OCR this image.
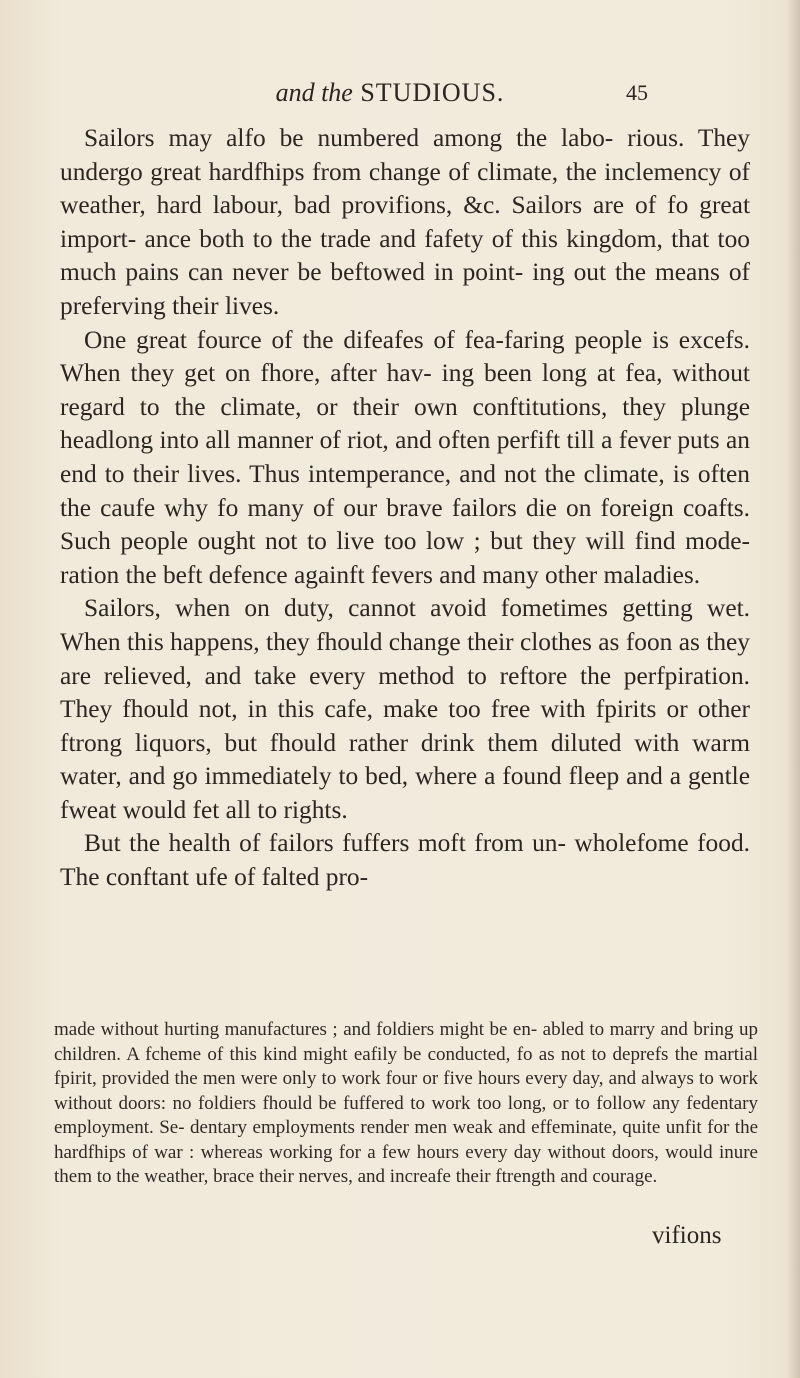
and the STUDIOUS.	45

Sailors may alfo be numbered among the labo- rious. They undergo great hardfhips from change of climate, the inclemency of weather, hard labour, bad provifions, &c. Sailors are of fo great import- ance both to the trade and fafety of this kingdom, that too much pains can never be beftowed in point- ing out the means of preferving their lives.

One great fource of the difeafes of fea-faring people is excefs. When they get on fhore, after hav- ing been long at fea, without regard to the climate, or their own conftitutions, they plunge headlong into all manner of riot, and often perfift till a fever puts an end to their lives. Thus intemperance, and not the climate, is often the caufe why fo many of our brave failors die on foreign coafts. Such people ought not to live too low ; but they will find mode- ration the beft defence againft fevers and many other maladies.

Sailors, when on duty, cannot avoid fometimes getting wet. When this happens, they fhould change their clothes as foon as they are relieved, and take every method to reftore the perfpiration. They fhould not, in this cafe, make too free with fpirits or other ftrong liquors, but fhould rather drink them diluted with warm water, and go immediately to bed, where a found fleep and a gentle fweat would fet all to rights.

But the health of failors fuffers moft from un- wholefome food. The conftant ufe of falted pro-

made without hurting manufactures ; and foldiers might be en- abled to marry and bring up children. A fcheme of this kind might eafily be conducted, fo as not to deprefs the martial fpirit, provided the men were only to work four or five hours every day, and always to work without doors: no foldiers fhould be fuffered to work too long, or to follow any fedentary employment. Se- dentary employments render men weak and effeminate, quite unfit for the hardfhips of war : whereas working for a few hours every day without doors, would inure them to the weather, brace their nerves, and increafe their ftrength and courage.

vifions
